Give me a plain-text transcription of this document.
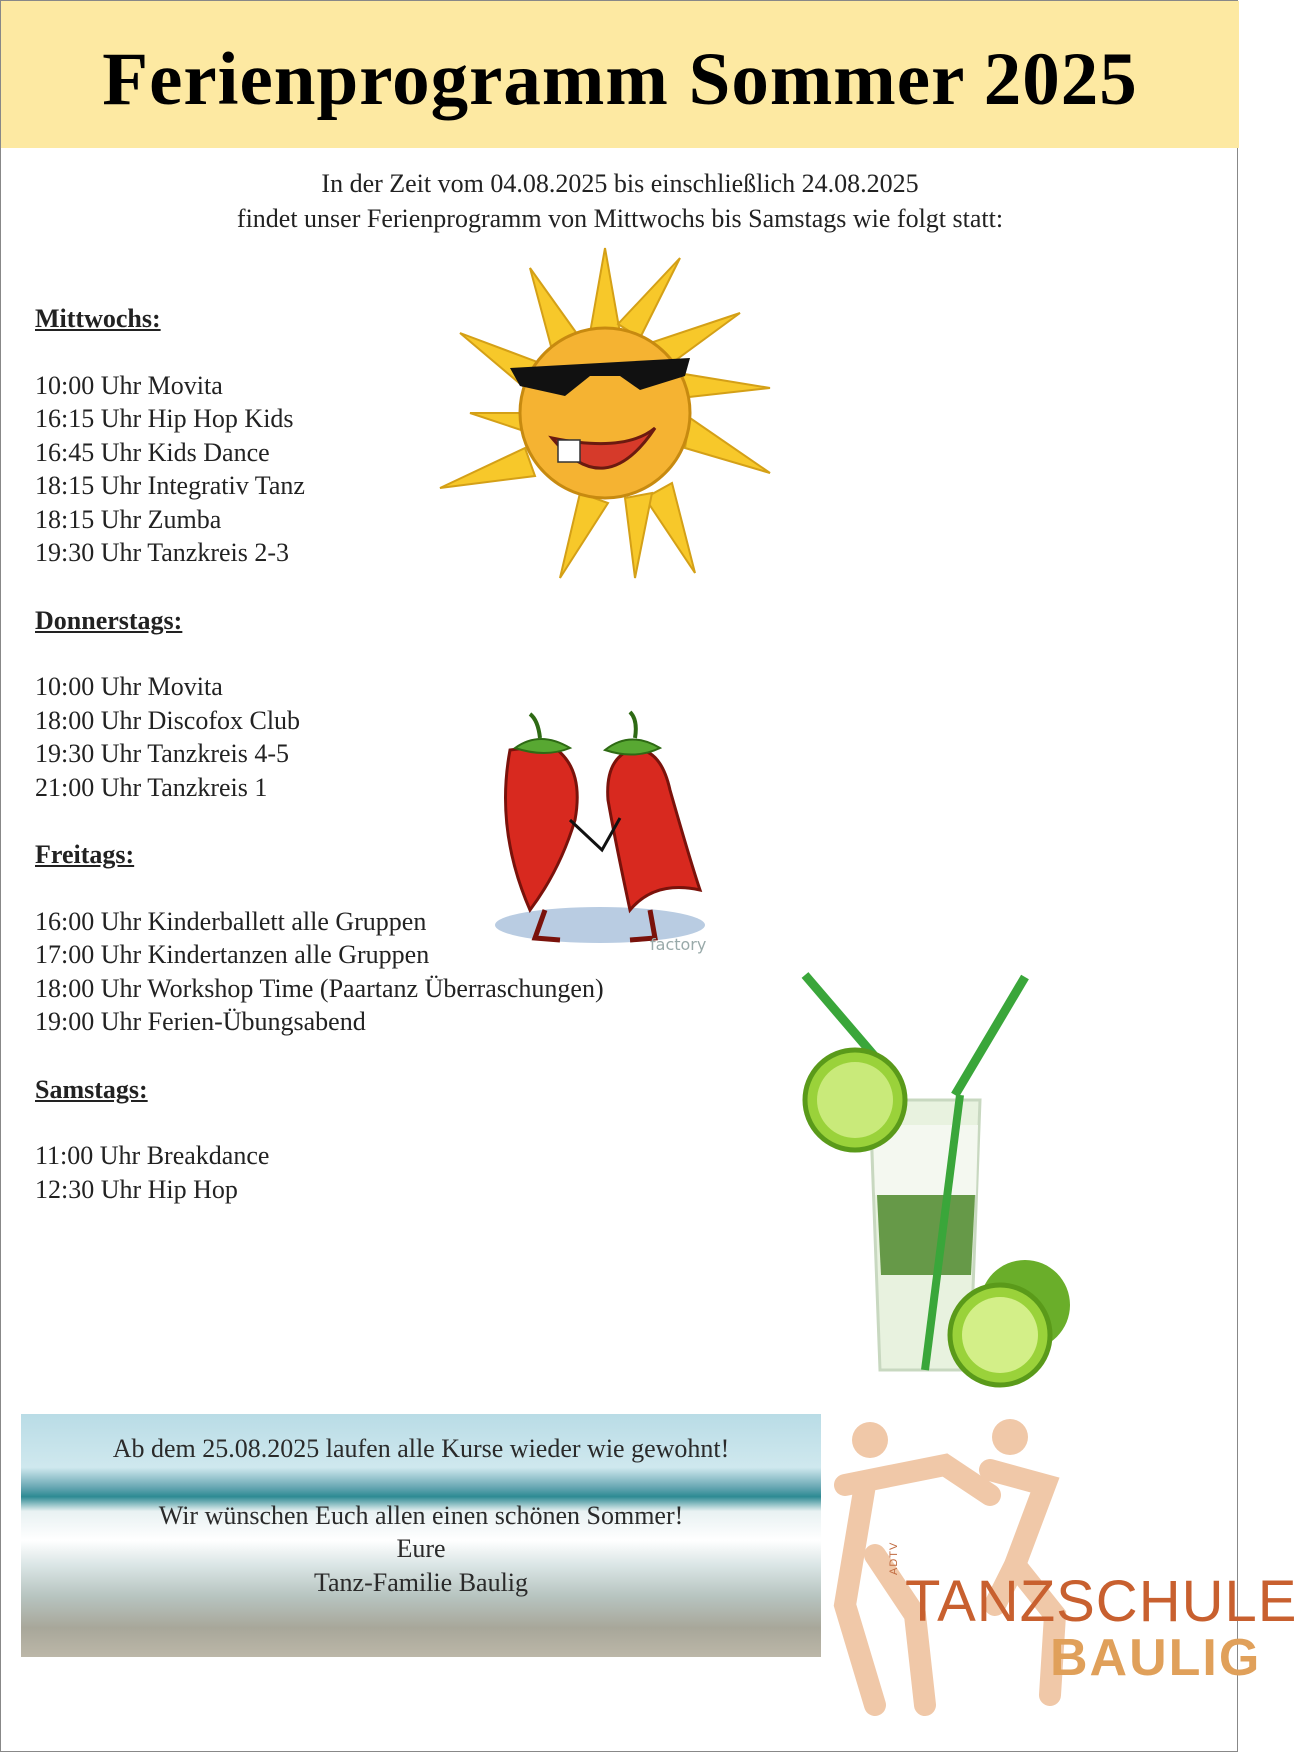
Ferienprogramm Sommer 2025
In der Zeit vom 04.08.2025 bis einschließlich 24.08.2025
findet unser Ferienprogramm von Mittwochs bis Samstags wie folgt statt:
Mittwochs:
10:00 Uhr Movita
16:15 Uhr Hip Hop Kids
16:45 Uhr Kids Dance
18:15 Uhr Integrativ Tanz
18:15 Uhr Zumba
19:30 Uhr Tanzkreis 2-3
Donnerstags:
10:00 Uhr Movita
18:00 Uhr Discofox Club
19:30 Uhr Tanzkreis 4-5
21:00 Uhr Tanzkreis 1
Freitags:
16:00 Uhr Kinderballett alle Gruppen
17:00 Uhr Kindertanzen alle Gruppen
18:00 Uhr Workshop Time (Paartanz Überraschungen)
19:00 Uhr Ferien-Übungsabend
Samstags:
11:00 Uhr Breakdance
12:30 Uhr Hip Hop
factory
Ab dem 25.08.2025 laufen alle Kurse wieder wie gewohnt!
Wir wünschen Euch allen einen schönen Sommer!
Eure
Tanz-Familie Baulig
ADTV
TANZSCHULE
BAULIG
